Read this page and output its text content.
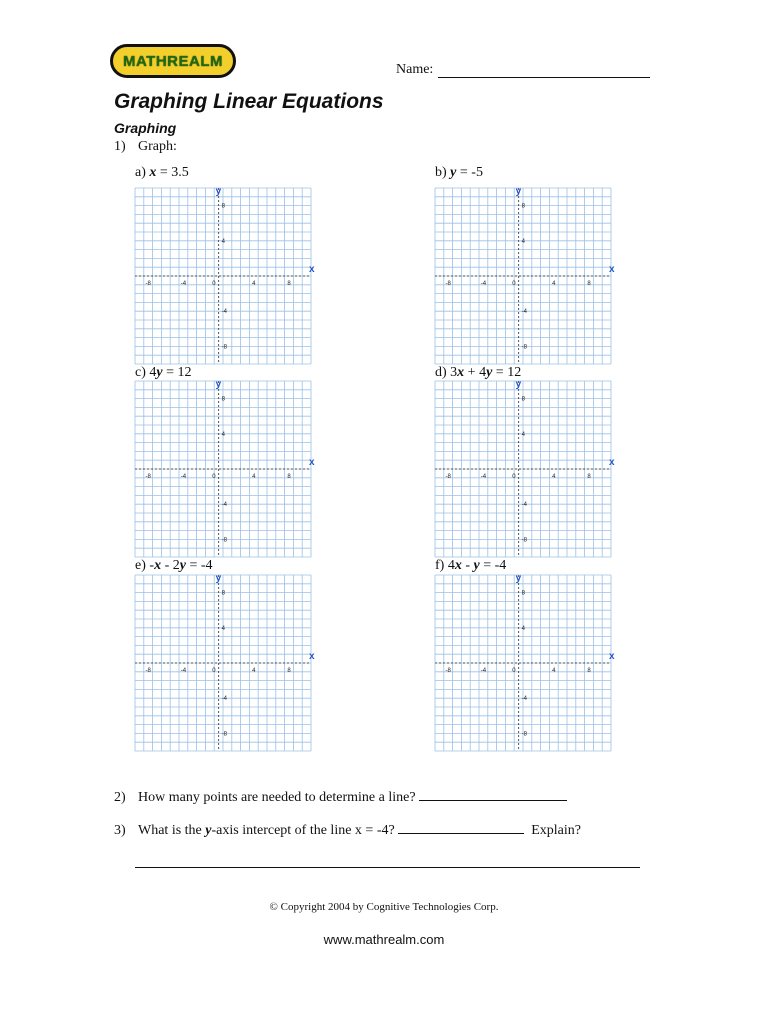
MATHREALM	Name:
Graphing Linear Equations
Graphing
1) Graph:
a) x = 3.5
-8	-4	0	4	8
8
4
-4
-8
x
y
b) y = -5
-8	-4	0	4	8
8
4
-4
-8
x
y
c) 4y = 12
-8	-4	0	4	8
8
4
-4
-8
x
y
d) 3x + 4y = 12
-8	-4	0	4	8
8
4
-4
-8
x
y
e) -x - 2y = -4
-8	-4	0	4	8
8
4
-4
-8
x
y
f) 4x - y = -4
-8	-4	0	4	8
8
4
-4
-8
x
y
2) How many points are needed to determine a line?
3) What is the y-axis intercept of the line x = -4?	Explain?
© Copyright 2004 by Cognitive Technologies Corp.
www.mathrealm.com
